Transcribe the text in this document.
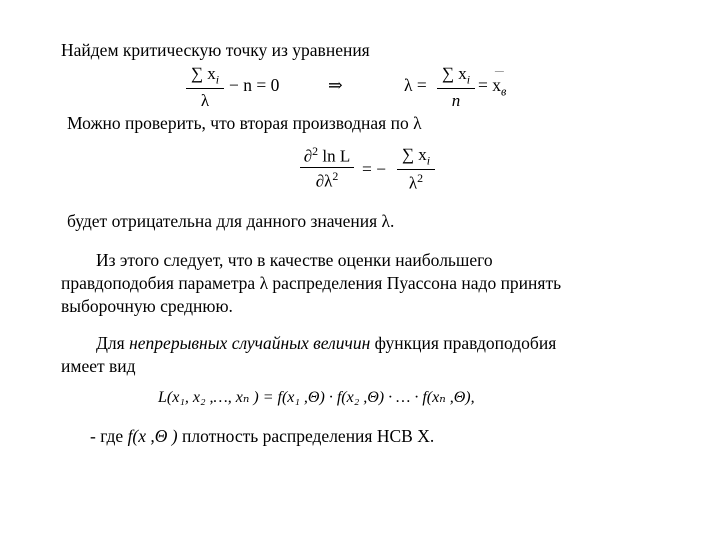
Найдем критическую точку из уравнения
∑ $x_i$
λ
− n = 0	⇒	λ =
∑ $x_i$
n
= $x_в$
–
Можно проверить, что вторая производная по λ
∂$^2$ ln L
$\partial\lambda^2$	= −
∑ $x_i$
$\lambda^2$
будет отрицательна для данного значения λ.
Из этого следует, что в качестве оценки наибольшего
правдоподобия параметра λ распределения Пуассона надо принять
выборочную среднюю.
Для непрерывных случайных величин функция правдоподобия
имеет вид
L(x₁, x₂ ,…, xₙ ) = f(x₁ ,Θ) · f(x₂ ,Θ) · … · f(xₙ ,Θ),
- где f(x ,Θ ) плотность распределения НСВ X.
